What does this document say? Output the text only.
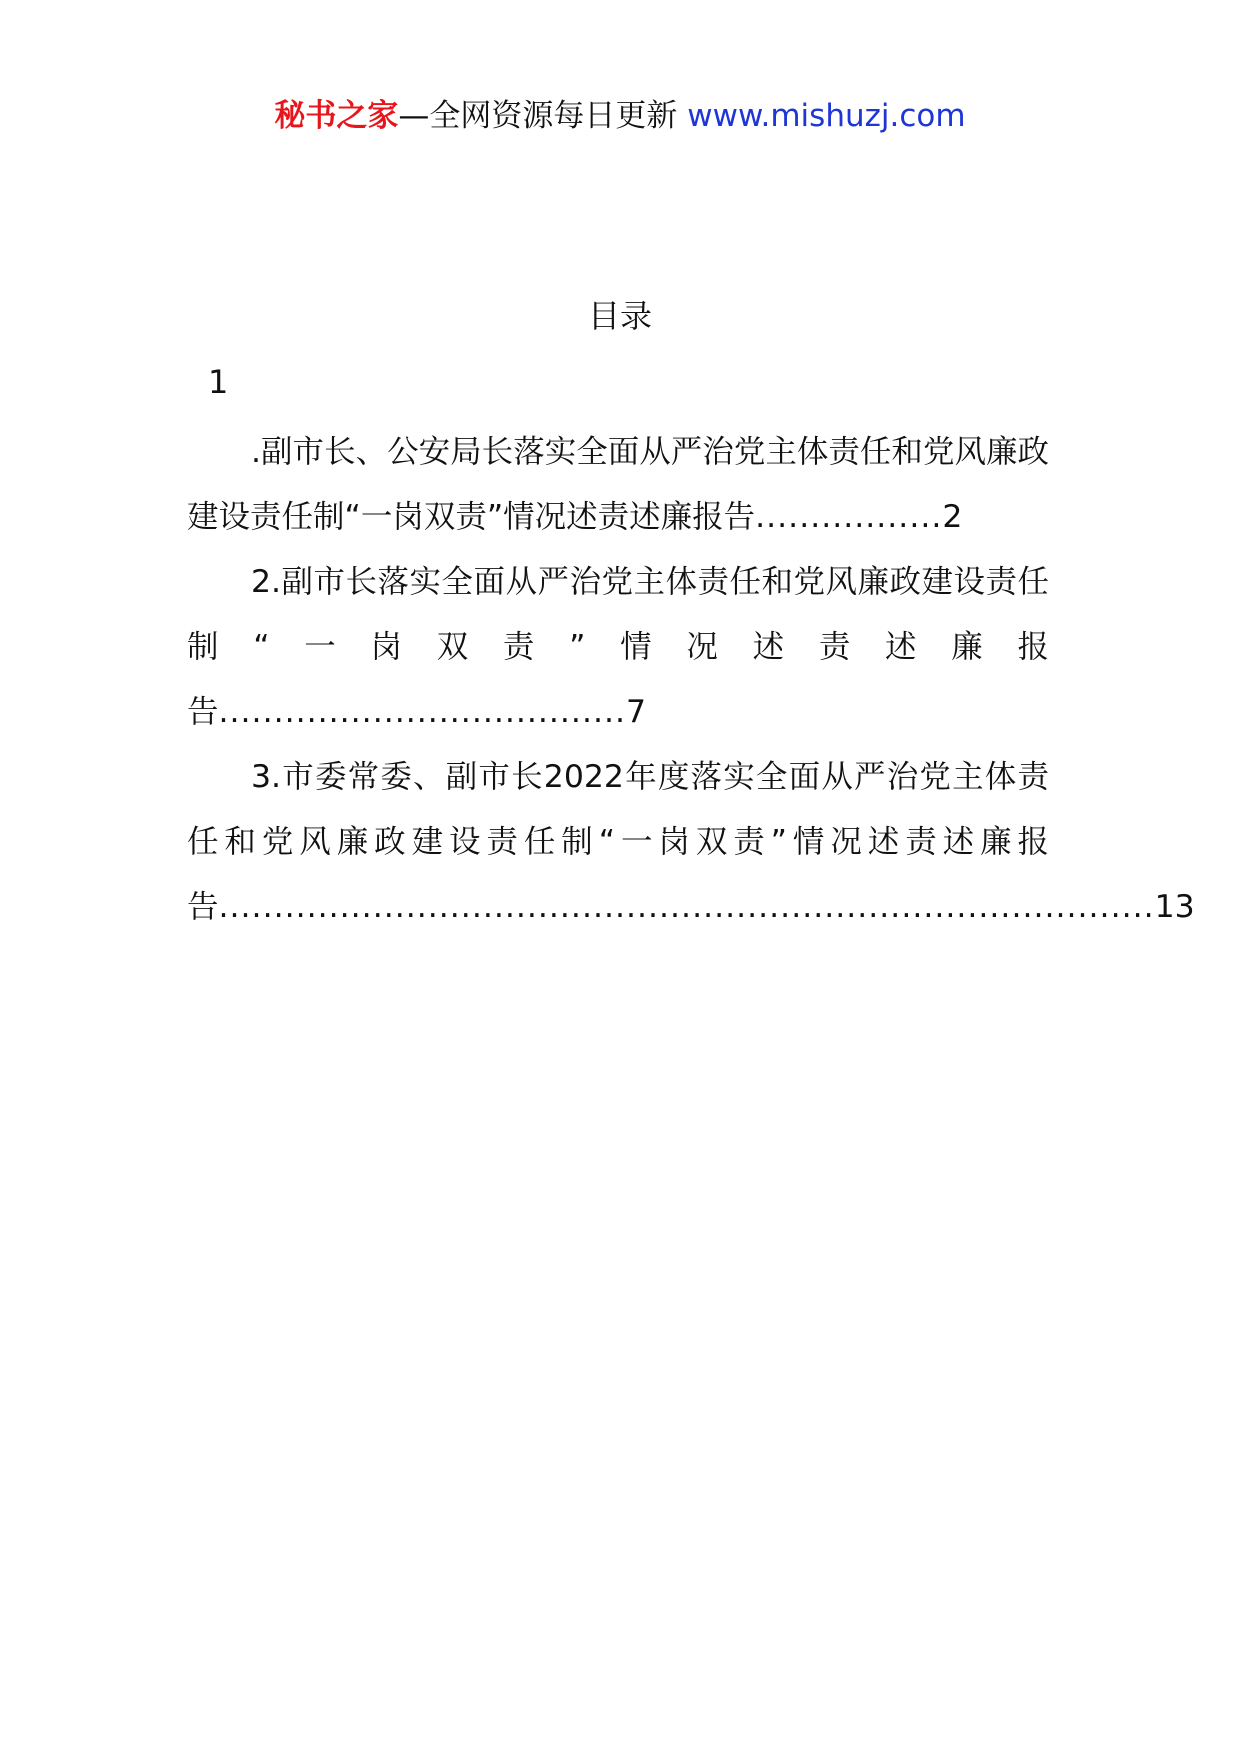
秘书之家—全网资源每日更新 www.mishuzj.com
目录
1

.副市长、公安局长落实全面从严治党主体责任和党风廉政建设责任制“一岗双责”情况述责述廉报告.................2

2.副市长落实全面从严治党主体责任和党风廉政建设责任制“一岗双责”情况述责述廉报告.....................................7

3.市委常委、副市长2022年度落实全面从严治党主体责任和党风廉政建设责任制“一岗双责”情况述责述廉报告.....................................................................................13
